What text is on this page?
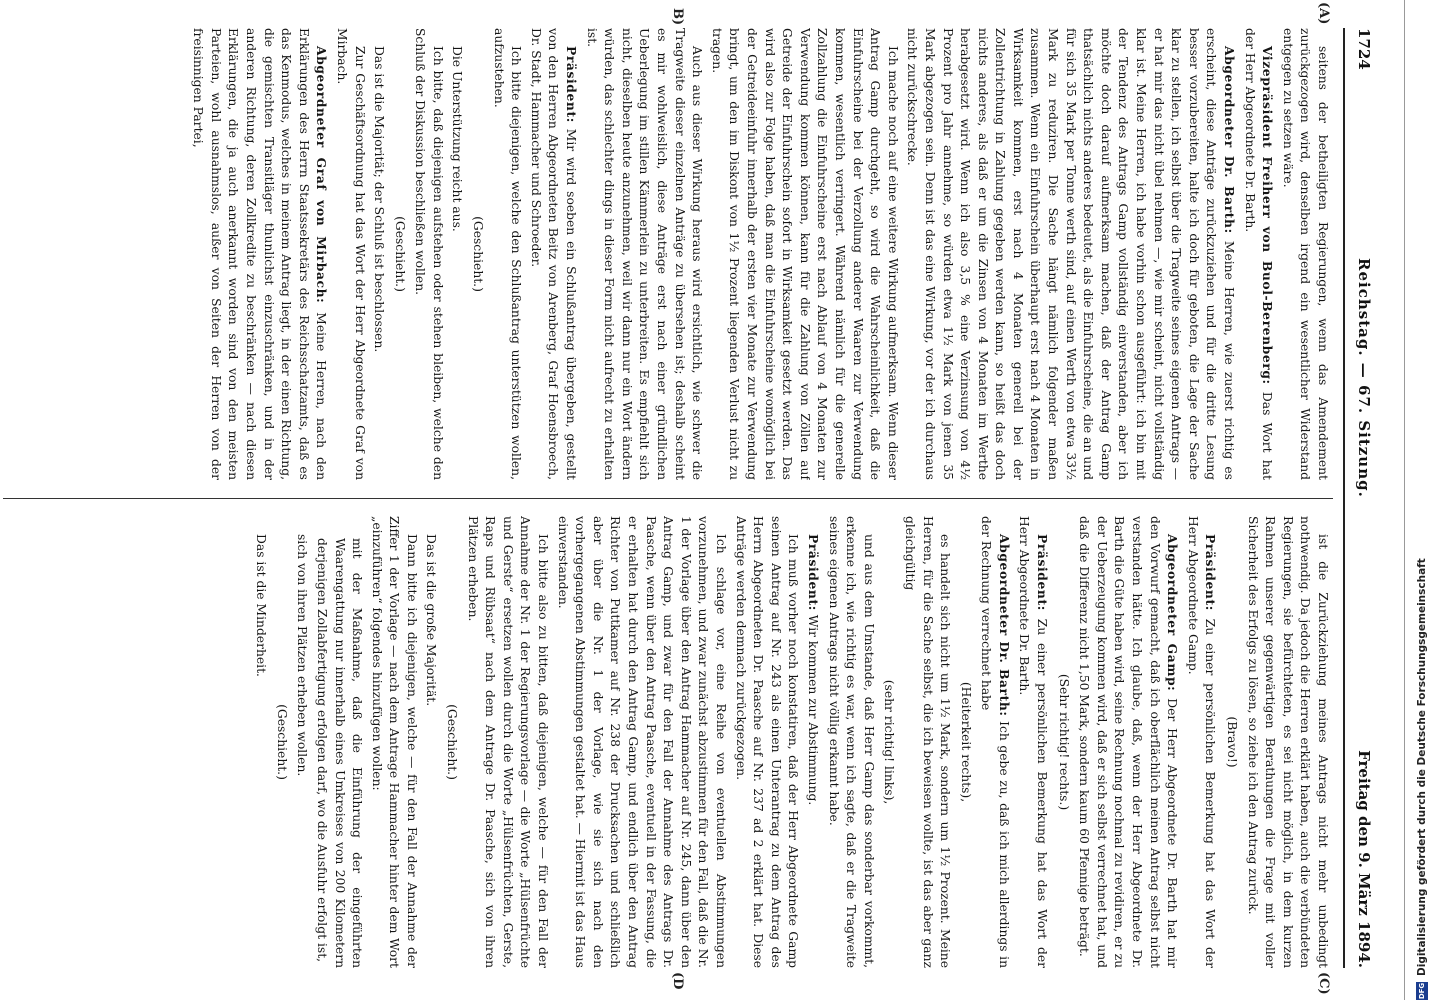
1724
Reichstag. — 67. Sitzung.
Freitag den 9. März 1894.
(A)
B)
(C)
(D

seitens der betheiligten Regierungen, wenn das Amendement zurückgezogen wird, denselben irgend ein wesentlicher Widerstand entgegen zu setzen wäre.

Vizepräsident Freiherr von Buol-Berenberg: Das Wort hat der Herr Abgeordnete Dr. Barth.

Abgeordneter Dr. Barth: Meine Herren, wie zuerst richtig es erscheint, diese Anträge zurückzuziehen und für die dritte Lesung besser vorzubereiten, halte ich doch für geboten, die Lage der Sache klar zu stellen, ich selbst über die Tragweite seines eigenen Antrags — er hat mir das nicht übel nehmen —, wie mir scheint, nicht vollständig klar ist. Meine Herren, ich habe vorhin schon ausgeführt: ich bin mit der Tendenz des Antrags Gamp vollständig einverstanden, aber ich möchte doch darauf aufmerksam machen, daß der Antrag Gamp thatsächlich nichts anderes bedeutet, als die Einfuhrscheine, die an und für sich 35 Mark per Tonne werth sind, auf einen Werth von etwa 33½ Mark zu reduziren. Die Sache hängt nämlich folgender maßen zusammen. Wenn ein Einfuhrschein überhaupt erst nach 4 Monaten in Wirksamkeit kommen, erst nach 4 Monaten generell bei der Zollentrichtung in Zahlung gegeben werden kann, so heißt das doch nichts anderes, als daß er um die Zinsen von 4 Monaten im Werthe herabgesetzt wird. Wenn ich also 3,5 % eine Verzinsung von 4½ Prozent pro Jahr annehme, so würden etwa 1½ Mark von jenen 35 Mark abgezogen sein. Denn ist das eine Wirkung, vor der ich durchaus nicht zurückschrecke.

Ich mache noch auf eine weitere Wirkung aufmerksam. Wenn dieser Antrag Gamp durchgeht, so wird die Wahrscheinlichkeit, daß die Einfuhrscheine bei der Verzollung anderer Waaren zur Verwendung kommen, wesentlich verringert. Während nämlich für die generelle Zollzahlung die Einfuhrscheine erst nach Ablauf von 4 Monaten zur Verwendung kommen können, kann für die Zahlung von Zöllen auf Getreide der Einfuhrschein sofort in Wirksamkeit gesetzt werden. Das wird also zur Folge haben, daß man die Einfuhrscheine womöglich bei der Getreideeinfuhr innerhalb der ersten vier Monate zur Verwendung bringt, um den im Diskont von 1½ Prozent liegenden Verlust nicht zu tragen.

Auch aus dieser Wirkung heraus wird ersichtlich, wie schwer die Tragweite dieser einzelnen Anträge zu übersehen ist; deshalb scheint es mir wohlweislich, diese Anträge erst nach einer gründlichen Ueberlegung im stillen Kämmerlein zu unterbreiten. Es empfiehlt sich nicht, dieselben heute anzunehmen, weil wir dann nur ein Wort ändern würden, das schlechter dings in dieser Form nicht aufrecht zu erhalten ist.

Präsident: Mir wird soeben ein Schlußantrag übergeben, gestellt von den Herren Abgeordneten Beitz von Arenberg, Graf Hoensbroech, Dr. Stadt, Hammacher und Schroeder.

Ich bitte diejenigen, welche den Schlußantrag unterstützen wollen, aufzustehen.

(Geschieht.)

Die Unterstützung reicht aus.

Ich bitte, daß diejenigen aufstehen oder stehen bleiben, welche den Schluß der Diskussion beschließen wollen.

(Geschieht.)

Das ist die Majorität; der Schluß ist beschlossen.

Zur Geschäftsordnung hat das Wort der Herr Abgeordnete Graf von Mirbach.

Abgeordneter Graf von Mirbach: Meine Herren, nach den Erklärungen des Herrn Staatssekretärs des Reichsschatzamts, daß es das Kenmodus, welches in meinem Antrag liegt, in der einen Richtung, die gemischten Transitläger thunlichst einzuschränken, und in der anderen Richtung, deren Zollkredite zu beschränken — nach diesen Erklärungen, die ja auch anerkannt worden sind von den meisten Parteien, wohl ausnahmslos, außer von Seiten der Herren von der freisinnigen Partei,

ist die Zurückziehung meines Antrags nicht mehr unbedingt nothwendig. Da jedoch die Herren erklärt haben, auch die verbündeten Regierungen, sie befürchteten, es sei nicht möglich, in dem kurzen Rahmen unserer gegenwärtigen Berathungen die Frage mit voller Sicherheit des Erfolgs zu lösen, so ziehe ich den Antrag zurück.

(Bravo!)

Präsident: Zu einer persönlichen Bemerkung hat das Wort der Herr Abgeordnete Gamp.

Abgeordneter Gamp: Der Herr Abgeordnete Dr. Barth hat mir den Vorwurf gemacht, daß ich oberflächlich meinen Antrag selbst nicht verstanden hätte. Ich glaube, daß, wenn der Herr Abgeordnete Dr. Barth die Güte haben wird, seine Rechnung nochmal zu revidiren, er zu der Ueberzeugung kommen wird, daß er sich selbst verrechnet hat, und daß die Differenz nicht 1,50 Mark, sondern kaum 60 Pfennige beträgt.

(Sehr richtig! rechts.)

Präsident: Zu einer persönlichen Bemerkung hat das Wort der Herr Abgeordnete Dr. Barth.

Abgeordneter Dr. Barth: Ich gebe zu, daß ich mich allerdings in der Rechnung verrechnet habe

(Heiterkeit rechts),

es handelt sich nicht um 1½ Mark, sondern um 1½ Prozent. Meine Herren, für die Sache selbst, die ich beweisen wollte, ist das aber ganz gleichgültig

(sehr richtig! links),

und aus dem Umstande, daß Herr Gamp das sonderbar vorkommt, erkenne ich, wie richtig es war, wenn ich sagte, daß er die Tragweite seines eigenen Antrags nicht völlig erkannt habe.

Präsident: Wir kommen zur Abstimmung.

Ich muß vorher noch konstatiren, daß der Herr Abgeordnete Gamp seinen Antrag auf Nr. 243 als einen Unterantrag zu dem Antrag des Herrn Abgeordneten Dr. Paasche auf Nr. 237 ad 2 erklärt hat. Diese Anträge werden demnach zurückgezogen.

Ich schlage vor, eine Reihe von eventuellen Abstimmungen vorzunehmen, und zwar zunächst abzustimmen für den Fall, daß die Nr. 1 der Vorlage über den Antrag Hammacher auf Nr. 245, dann über den Antrag Gamp, und zwar für den Fall der Annahme des Antrags Dr. Paasche, wenn über den Antrag Paasche, eventuell in der Fassung, die er erhalten hat durch den Antrag Gamp, und endlich über den Antrag Richter von Puttkamer auf Nr. 238 der Drucksachen und schließlich aber über die Nr. 1 der Vorlage, wie sie sich nach den vorhergegangenen Abstimmungen gestaltet hat. — Hiermit ist das Haus einverstanden.

Ich bitte also zu bitten, daß diejenigen, welche — für den Fall der Annahme der Nr. 1 der Regierungsvorlage — die Worte „Hülsenfrüchte und Gerste“ ersetzen wollen durch die Worte „Hülsenfrüchten, Gerste, Raps und Rübsaat“ nach dem Antrage Dr. Paasche, sich von ihren Plätzen erheben.

(Geschieht.)

Das ist die große Majorität.

Dann bitte ich diejenigen, welche — für den Fall der Annahme der Ziffer 1 der Vorlage — nach dem Antrage Hammacher hinter dem Wort „einzuführen“ folgendes hinzufügen wollen:

mit der Maßnahme, daß die Einführung der eingeführten Waarengattung nur innerhalb eines Umkreises von 200 Kilometern derjenigen Zollabfertigung erfolgen darf, wo die Ausfuhr erfolgt ist,

sich von ihren Plätzen erheben wollen.

(Geschieht.)

Das ist die Minderheit.

DFGDigitalisierung gefördert durch die Deutsche Forschungsgemeinschaft
